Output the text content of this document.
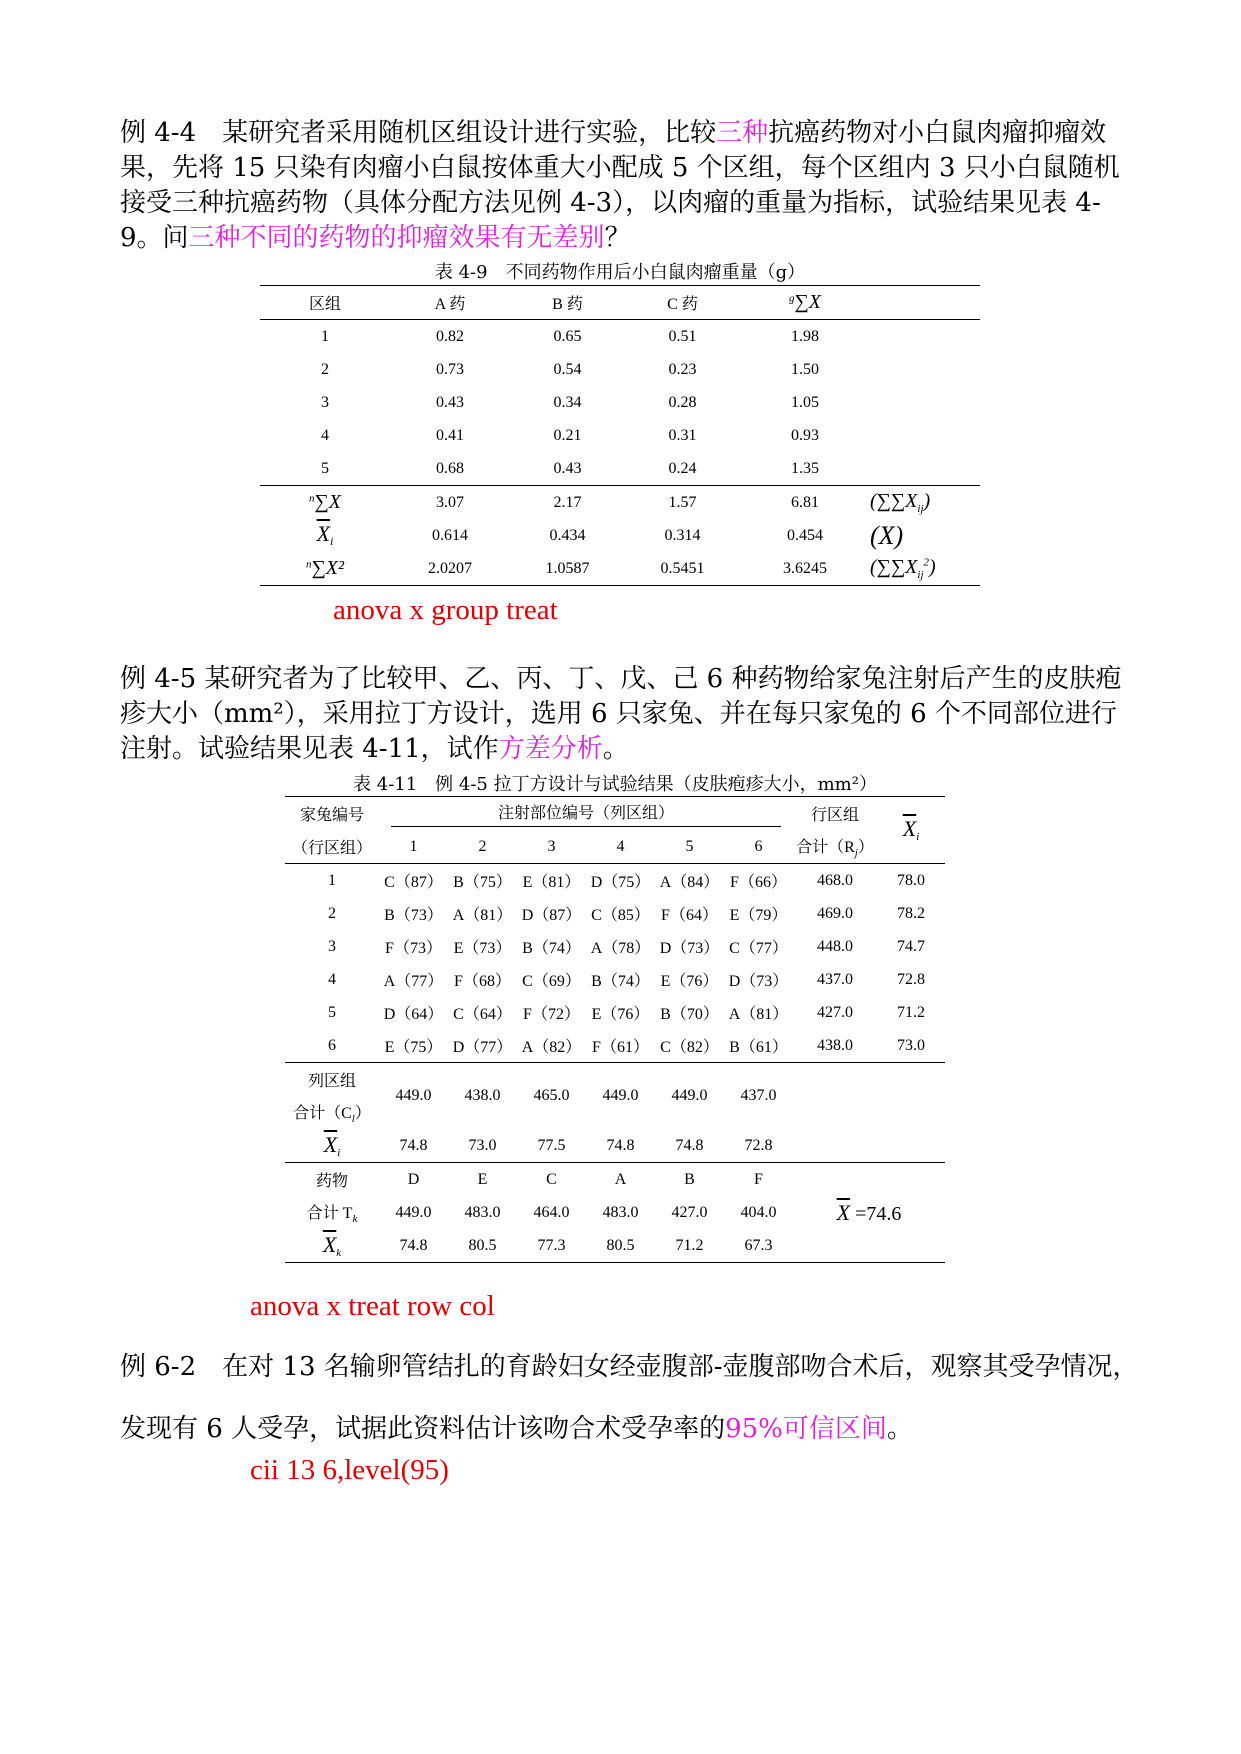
例 4-4　某研究者采用随机区组设计进行实验，比较三种抗癌药物对小白鼠肉瘤抑瘤效果，先将 15 只染有肉瘤小白鼠按体重大小配成 5 个区组，每个区组内 3 只小白鼠随机接受三种抗癌药物（具体分配方法见例 4-3），以肉瘤的重量为指标，试验结果见表 4-9。问三种不同的药物的抑瘤效果有无差别？

表 4-9　不同药物作用后小白鼠肉瘤重量（g）
区组	A 药	B 药	C 药	$^g$∑X	
1	0.82	0.65	0.51	1.98	
2	0.73	0.54	0.23	1.50	
3	0.43	0.34	0.28	1.05	
4	0.41	0.21	0.31	0.93	
5	0.68	0.43	0.24	1.35	
$^n$∑X	3.07	2.17	1.57	6.81	$(\sum\sum X_{ij})$
$\overline{X}_i$	0.614	0.434	0.314	0.454	(X)
$^n$∑X²	2.0207	1.0587	0.5451	3.6245	$(\sum\sum X_{ij}^2)$
anova x group treat

例 4-5 某研究者为了比较甲、乙、丙、丁、戊、己 6 种药物给家兔注射后产生的皮肤疱疹大小（mm²），采用拉丁方设计，选用 6 只家兔、并在每只家兔的 6 个不同部位进行注射。试验结果见表 4-11，试作方差分析。

表 4-11　例 4-5 拉丁方设计与试验结果（皮肤疱疹大小，mm²）
家兔编号	注射部位编号（列区组）						行区组	$\overline{X}_i$
（行区组）	1	2	3	4	5	6	合计$(R_j)$	
1	C（87）	B（75）	E（81）	D（75）	A（84）	F（66）	468.0	78.0
2	B（73）	A（81）	D（87）	C（85）	F（64）	E（79）	469.0	78.2
3	F（73）	E（73）	B（74）	A（78）	D（73）	C（77）	448.0	74.7
4	A（77）	F（68）	C（69）	B（74）	E（76）	D（73）	437.0	72.8
5	D（64）	C（64）	F（72）	E（76）	B（70）	A（81）	427.0	71.2
6	E（75）	D（77）	A（82）	F（61）	C（82）	B（61）	438.0	73.0
列区组	449.0	438.0	465.0	449.0	449.0	437.0		
合计$(C_l)$								
$\overline{X}_i$	74.8	73.0	77.5	74.8	74.8	72.8		
药物	D	E	C	A	B	F	$\overline{X} =74.6$	
合计 $T_k$	449.0	483.0	464.0	483.0	427.0	404.0		
$\overline{X}_k$	74.8	80.5	77.3	80.5	71.2	67.3		
anova x treat row col

例 6-2　在对 13 名输卵管结扎的育龄妇女经壶腹部-壶腹部吻合术后，观察其受孕情况，发现有 6 人受孕，试据此资料估计该吻合术受孕率的95%可信区间。

cii 13 6,level(95)
